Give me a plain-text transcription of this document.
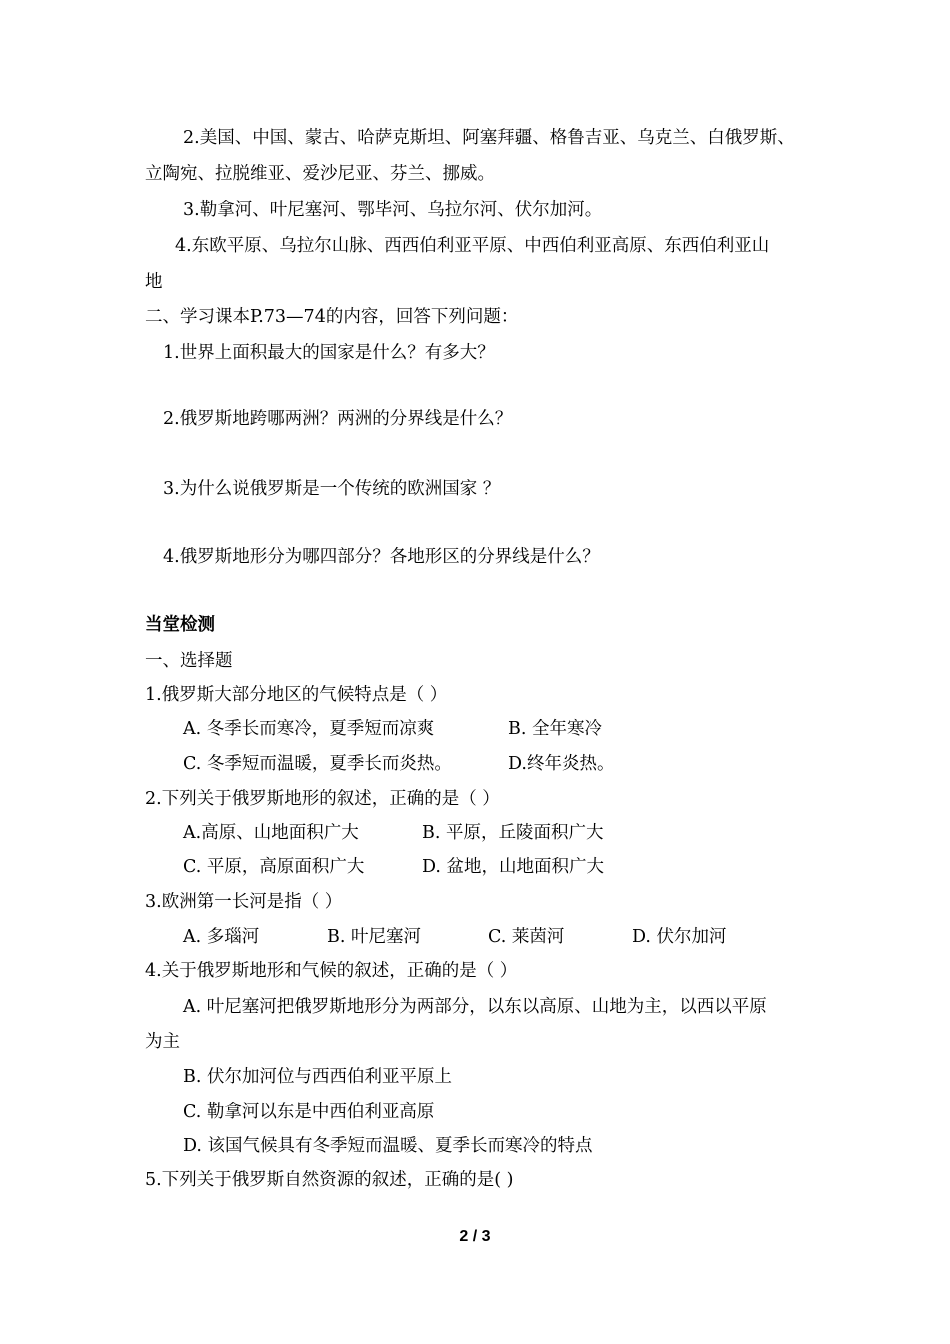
2.美国、中国、蒙古、哈萨克斯坦、阿塞拜疆、格鲁吉亚、乌克兰、白俄罗斯、

立陶宛、拉脱维亚、爱沙尼亚、芬兰、挪威。

3.勒拿河、叶尼塞河、鄂毕河、乌拉尔河、伏尔加河。

4.东欧平原、乌拉尔山脉、西西伯利亚平原、中西伯利亚高原、东西伯利亚山

地

二、学习课本P.73—74的内容，回答下列问题：

1.世界上面积最大的国家是什么？有多大？

2.俄罗斯地跨哪两洲？两洲的分界线是什么？

3.为什么说俄罗斯是一个传统的欧洲国家 ？

4.俄罗斯地形分为哪四部分？各地形区的分界线是什么？

当堂检测

一、选择题

1.俄罗斯大部分地区的气候特点是（ ）

A. 冬季长而寒冷，夏季短而凉爽	B. 全年寒冷
C. 冬季短而温暖，夏季长而炎热。	D.终年炎热。

2.下列关于俄罗斯地形的叙述，正确的是（ ）

A.高原、山地面积广大	B. 平原，丘陵面积广大
C. 平原，高原面积广大	D. 盆地，山地面积广大

3.欧洲第一长河是指（ ）

A. 多瑙河	B. 叶尼塞河	C. 莱茵河	D. 伏尔加河

4.关于俄罗斯地形和气候的叙述，正确的是（ ）

A. 叶尼塞河把俄罗斯地形分为两部分，以东以高原、山地为主，以西以平原

为主

B. 伏尔加河位与西西伯利亚平原上

C. 勒拿河以东是中西伯利亚高原

D. 该国气候具有冬季短而温暖、夏季长而寒冷的特点

5.下列关于俄罗斯自然资源的叙述，正确的是( )

2 / 3
